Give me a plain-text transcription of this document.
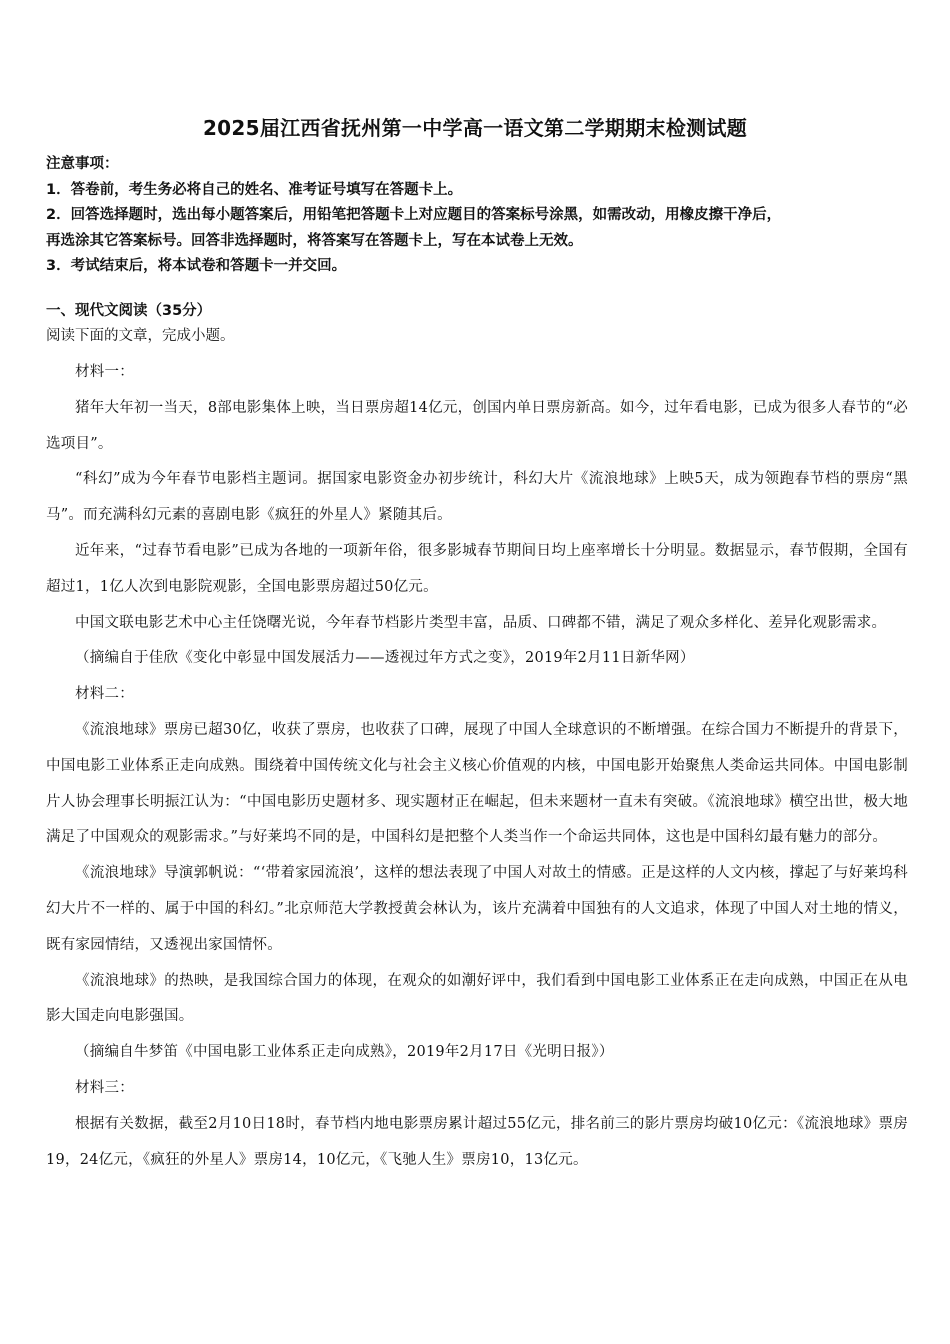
2025届江西省抚州第一中学高一语文第二学期期末检测试题
注意事项：
1．答卷前，考生务必将自己的姓名、准考证号填写在答题卡上。
2．回答选择题时，选出每小题答案后，用铅笔把答题卡上对应题目的答案标号涂黑，如需改动，用橡皮擦干净后，
再选涂其它答案标号。回答非选择题时，将答案写在答题卡上，写在本试卷上无效。
3．考试结束后，将本试卷和答题卡一并交回。
一、现代文阅读（35分）
阅读下面的文章，完成小题。

材料一：

猪年大年初一当天，8部电影集体上映，当日票房超14亿元，创国内单日票房新高。如今，过年看电影，已成为很多人春节的“必选项目”。

“科幻”成为今年春节电影档主题词。据国家电影资金办初步统计，科幻大片《流浪地球》上映5天，成为领跑春节档的票房“黑马”。而充满科幻元素的喜剧电影《疯狂的外星人》紧随其后。

近年来，“过春节看电影”已成为各地的一项新年俗，很多影城春节期间日均上座率增长十分明显。数据显示，春节假期，全国有超过1，1亿人次到电影院观影，全国电影票房超过50亿元。

中国文联电影艺术中心主任饶曙光说，今年春节档影片类型丰富，品质、口碑都不错，满足了观众多样化、差异化观影需求。

（摘编自于佳欣《变化中彰显中国发展活力——透视过年方式之变》，2019年2月11日新华网）

材料二：

《流浪地球》票房已超30亿，收获了票房，也收获了口碑，展现了中国人全球意识的不断增强。在综合国力不断提升的背景下，中国电影工业体系正走向成熟。围绕着中国传统文化与社会主义核心价值观的内核，中国电影开始聚焦人类命运共同体。中国电影制片人协会理事长明振江认为：“中国电影历史题材多、现实题材正在崛起，但未来题材一直未有突破。《流浪地球》横空出世，极大地满足了中国观众的观影需求。”与好莱坞不同的是，中国科幻是把整个人类当作一个命运共同体，这也是中国科幻最有魅力的部分。

《流浪地球》导演郭帆说：“‘带着家园流浪’，这样的想法表现了中国人对故土的情感。正是这样的人文内核，撑起了与好莱坞科幻大片不一样的、属于中国的科幻。”北京师范大学教授黄会林认为，该片充满着中国独有的人文追求，体现了中国人对土地的情义，既有家园情结，又透视出家国情怀。

《流浪地球》的热映，是我国综合国力的体现，在观众的如潮好评中，我们看到中国电影工业体系正在走向成熟，中国正在从电影大国走向电影强国。

（摘编自牛梦笛《中国电影工业体系正走向成熟》，2019年2月17日《光明日报》）

材料三：

根据有关数据，截至2月10日18时，春节档内地电影票房累计超过55亿元，排名前三的影片票房均破10亿元：《流浪地球》票房19，24亿元，《疯狂的外星人》票房14，10亿元，《飞驰人生》票房10，13亿元。
